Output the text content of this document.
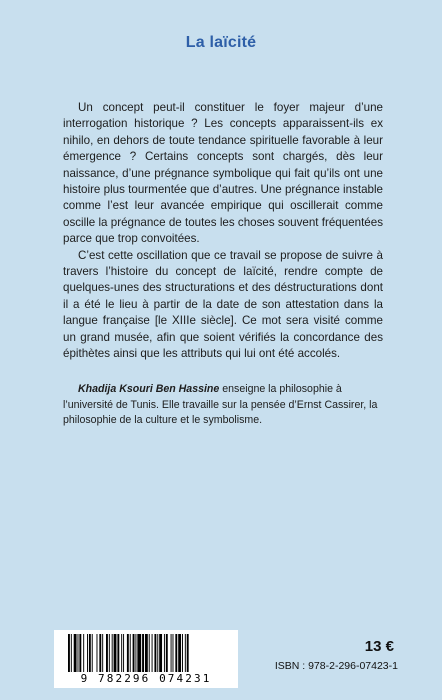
La laïcité

Un concept peut-il constituer le foyer majeur d’une interrogation historique ? Les concepts apparaissent-ils ex nihilo, en dehors de toute tendance spirituelle favorable à leur émergence ? Certains concepts sont chargés, dès leur naissance, d’une prégnance symbolique qui fait qu’ils ont une histoire plus tourmentée que d’autres. Une prégnance instable comme l’est leur avancée empirique qui oscillerait comme oscille la prégnance de toutes les choses souvent fréquentées parce que trop convoitées.

C’est cette oscillation que ce travail se propose de suivre à travers l’histoire du concept de laïcité, rendre compte de quelques-unes des structurations et des déstructurations dont il a été le lieu à partir de la date de son attestation dans la langue française [le XIIIe siècle]. Ce mot sera visité comme un grand musée, afin que soient vérifiés la concordance des épithètes ainsi que les attributs qui lui ont été accolés.

Khadija Ksouri Ben Hassine enseigne la philosophie à l’université de Tunis. Elle travaille sur la pensée d’Ernst Cassirer, la philosophie de la culture et le symbolisme.

9 782296 074231
13 €
ISBN : 978-2-296-07423-1
